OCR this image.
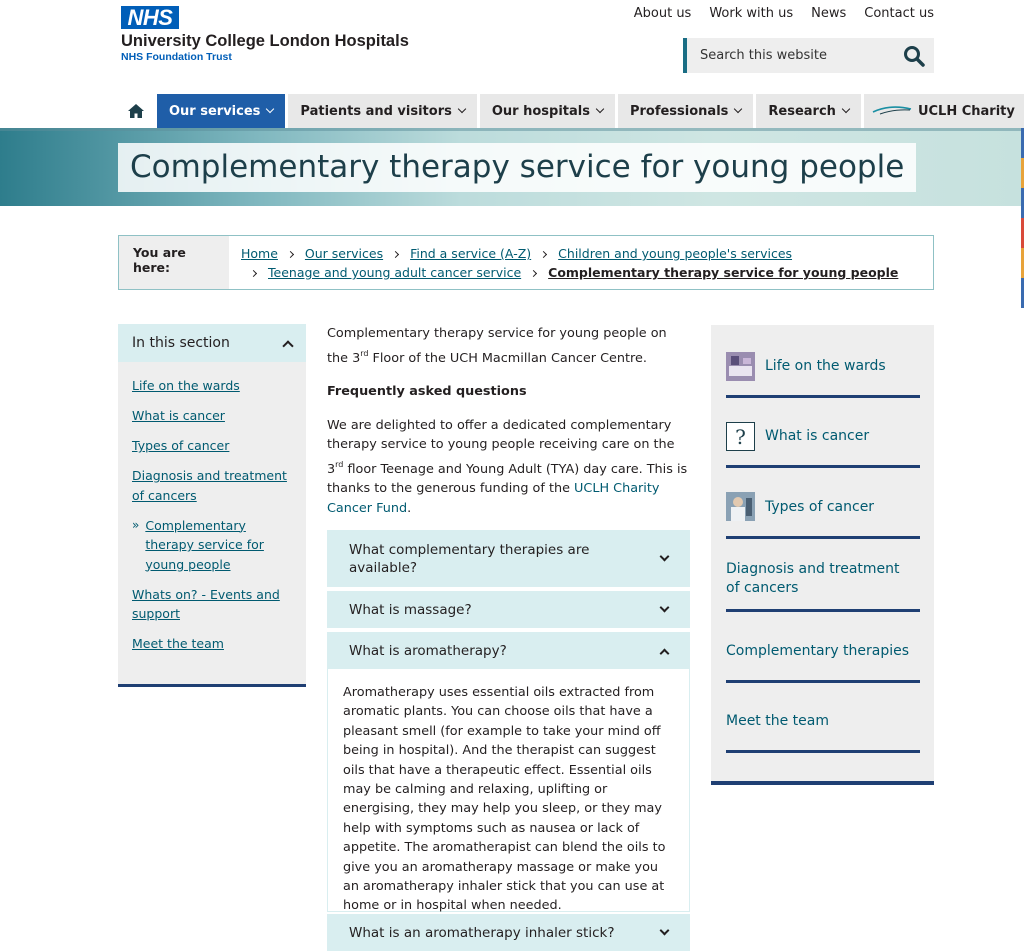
NHS
University College London Hospitals
NHS Foundation Trust
About us Work with us News Contact us
Search this website
Our services	Patients and visitors	Our hospitals	Professionals	Research	UCLH Charity
Complementary therapy service for young people
You are here:
Home Our services Find a service (A-Z) Children and young people's services
Teenage and young adult cancer service Complementary therapy service for young people
In this section
Life on the wards
What is cancer
Types of cancer
Diagnosis and treatment of cancers
» Complementary therapy service for young people
Whats on? - Events and support
Meet the team

Complementary therapy service for young people on the 3rd Floor of the UCH Macmillan Cancer Centre.

Frequently asked questions

We are delighted to offer a dedicated complementary therapy service to young people receiving care on the 3rd floor Teenage and Young Adult (TYA) day care. This is thanks to the generous funding of the UCLH Charity Cancer Fund.

What complementary therapies are available?
What is massage?
What is aromatherapy?
Aromatherapy uses essential oils extracted from aromatic plants. You can choose oils that have a pleasant smell (for example to take your mind off being in hospital). And the therapist can suggest oils that have a therapeutic effect. Essential oils may be calming and relaxing, uplifting or energising, they may help you sleep, or they may help with symptoms such as nausea or lack of appetite. The aromatherapist can blend the oils to give you an aromatherapy massage or make you an aromatherapy inhaler stick that you can use at home or in hospital when needed.
What is an aromatherapy inhaler stick?
Life on the wards
? What is cancer
Types of cancer
Diagnosis and treatment of cancers
Complementary therapies
Meet the team
